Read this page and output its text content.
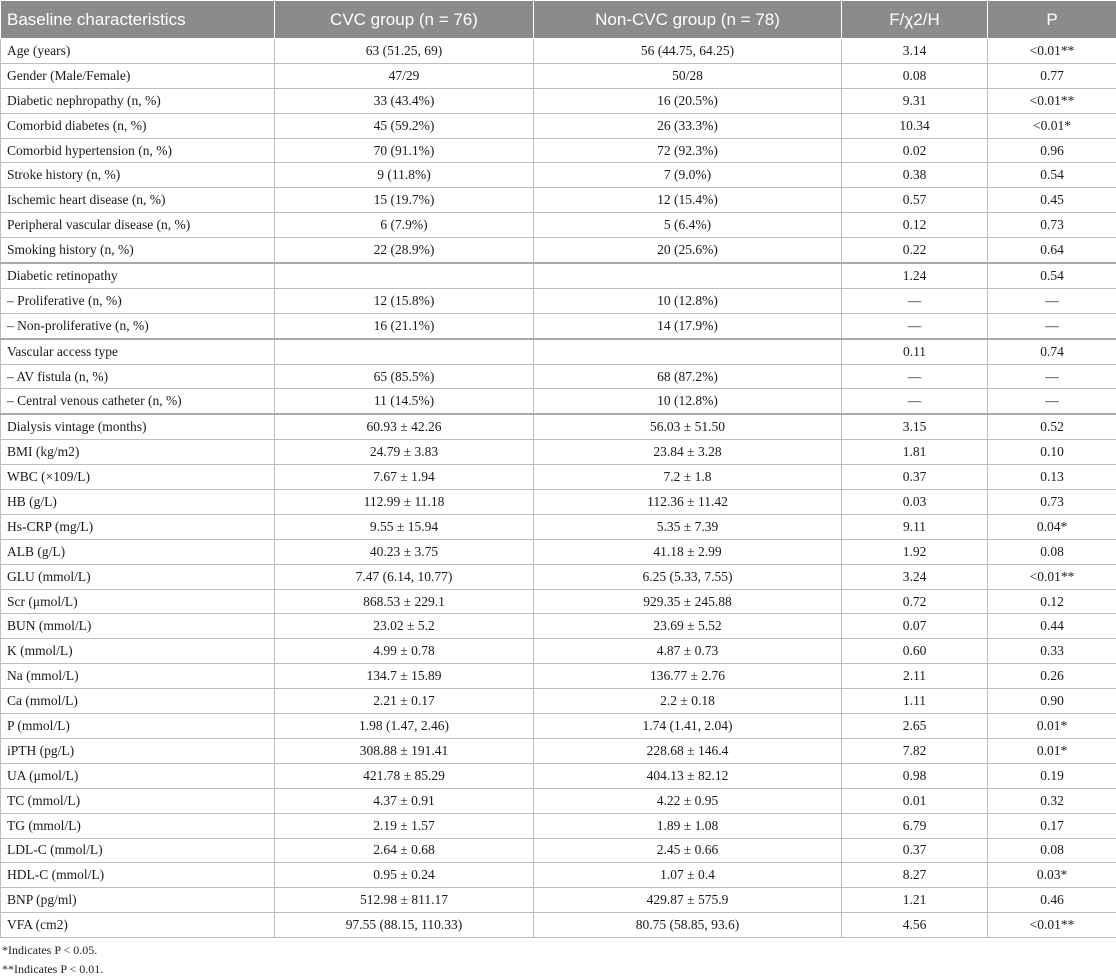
Baseline characteristics	CVC group (n = 76)	Non-CVC group (n = 78)	F/χ2/H	P
Age (years)	63 (51.25, 69)	56 (44.75, 64.25)	3.14	<0.01**
Gender (Male/Female)	47/29	50/28	0.08	0.77
Diabetic nephropathy (n, %)	33 (43.4%)	16 (20.5%)	9.31	<0.01**
Comorbid diabetes (n, %)	45 (59.2%)	26 (33.3%)	10.34	<0.01*
Comorbid hypertension (n, %)	70 (91.1%)	72 (92.3%)	0.02	0.96
Stroke history (n, %)	9 (11.8%)	7 (9.0%)	0.38	0.54
Ischemic heart disease (n, %)	15 (19.7%)	12 (15.4%)	0.57	0.45
Peripheral vascular disease (n, %)	6 (7.9%)	5 (6.4%)	0.12	0.73
Smoking history (n, %)	22 (28.9%)	20 (25.6%)	0.22	0.64
Diabetic retinopathy			1.24	0.54
– Proliferative (n, %)	12 (15.8%)	10 (12.8%)	—	—
– Non-proliferative (n, %)	16 (21.1%)	14 (17.9%)	—	—
Vascular access type			0.11	0.74
– AV fistula (n, %)	65 (85.5%)	68 (87.2%)	—	—
– Central venous catheter (n, %)	11 (14.5%)	10 (12.8%)	—	—
Dialysis vintage (months)	60.93 ± 42.26	56.03 ± 51.50	3.15	0.52
BMI (kg/m2)	24.79 ± 3.83	23.84 ± 3.28	1.81	0.10
WBC (×109/L)	7.67 ± 1.94	7.2 ± 1.8	0.37	0.13
HB (g/L)	112.99 ± 11.18	112.36 ± 11.42	0.03	0.73
Hs-CRP (mg/L)	9.55 ± 15.94	5.35 ± 7.39	9.11	0.04*
ALB (g/L)	40.23 ± 3.75	41.18 ± 2.99	1.92	0.08
GLU (mmol/L)	7.47 (6.14, 10.77)	6.25 (5.33, 7.55)	3.24	<0.01**
Scr (μmol/L)	868.53 ± 229.1	929.35 ± 245.88	0.72	0.12
BUN (mmol/L)	23.02 ± 5.2	23.69 ± 5.52	0.07	0.44
K (mmol/L)	4.99 ± 0.78	4.87 ± 0.73	0.60	0.33
Na (mmol/L)	134.7 ± 15.89	136.77 ± 2.76	2.11	0.26
Ca (mmol/L)	2.21 ± 0.17	2.2 ± 0.18	1.11	0.90
P (mmol/L)	1.98 (1.47, 2.46)	1.74 (1.41, 2.04)	2.65	0.01*
iPTH (pg/L)	308.88 ± 191.41	228.68 ± 146.4	7.82	0.01*
UA (μmol/L)	421.78 ± 85.29	404.13 ± 82.12	0.98	0.19
TC (mmol/L)	4.37 ± 0.91	4.22 ± 0.95	0.01	0.32
TG (mmol/L)	2.19 ± 1.57	1.89 ± 1.08	6.79	0.17
LDL-C (mmol/L)	2.64 ± 0.68	2.45 ± 0.66	0.37	0.08
HDL-C (mmol/L)	0.95 ± 0.24	1.07 ± 0.4	8.27	0.03*
BNP (pg/ml)	512.98 ± 811.17	429.87 ± 575.9	1.21	0.46
VFA (cm2)	97.55 (88.15, 110.33)	80.75 (58.85, 93.6)	4.56	<0.01**
*Indicates P < 0.05.
**Indicates P < 0.01.
